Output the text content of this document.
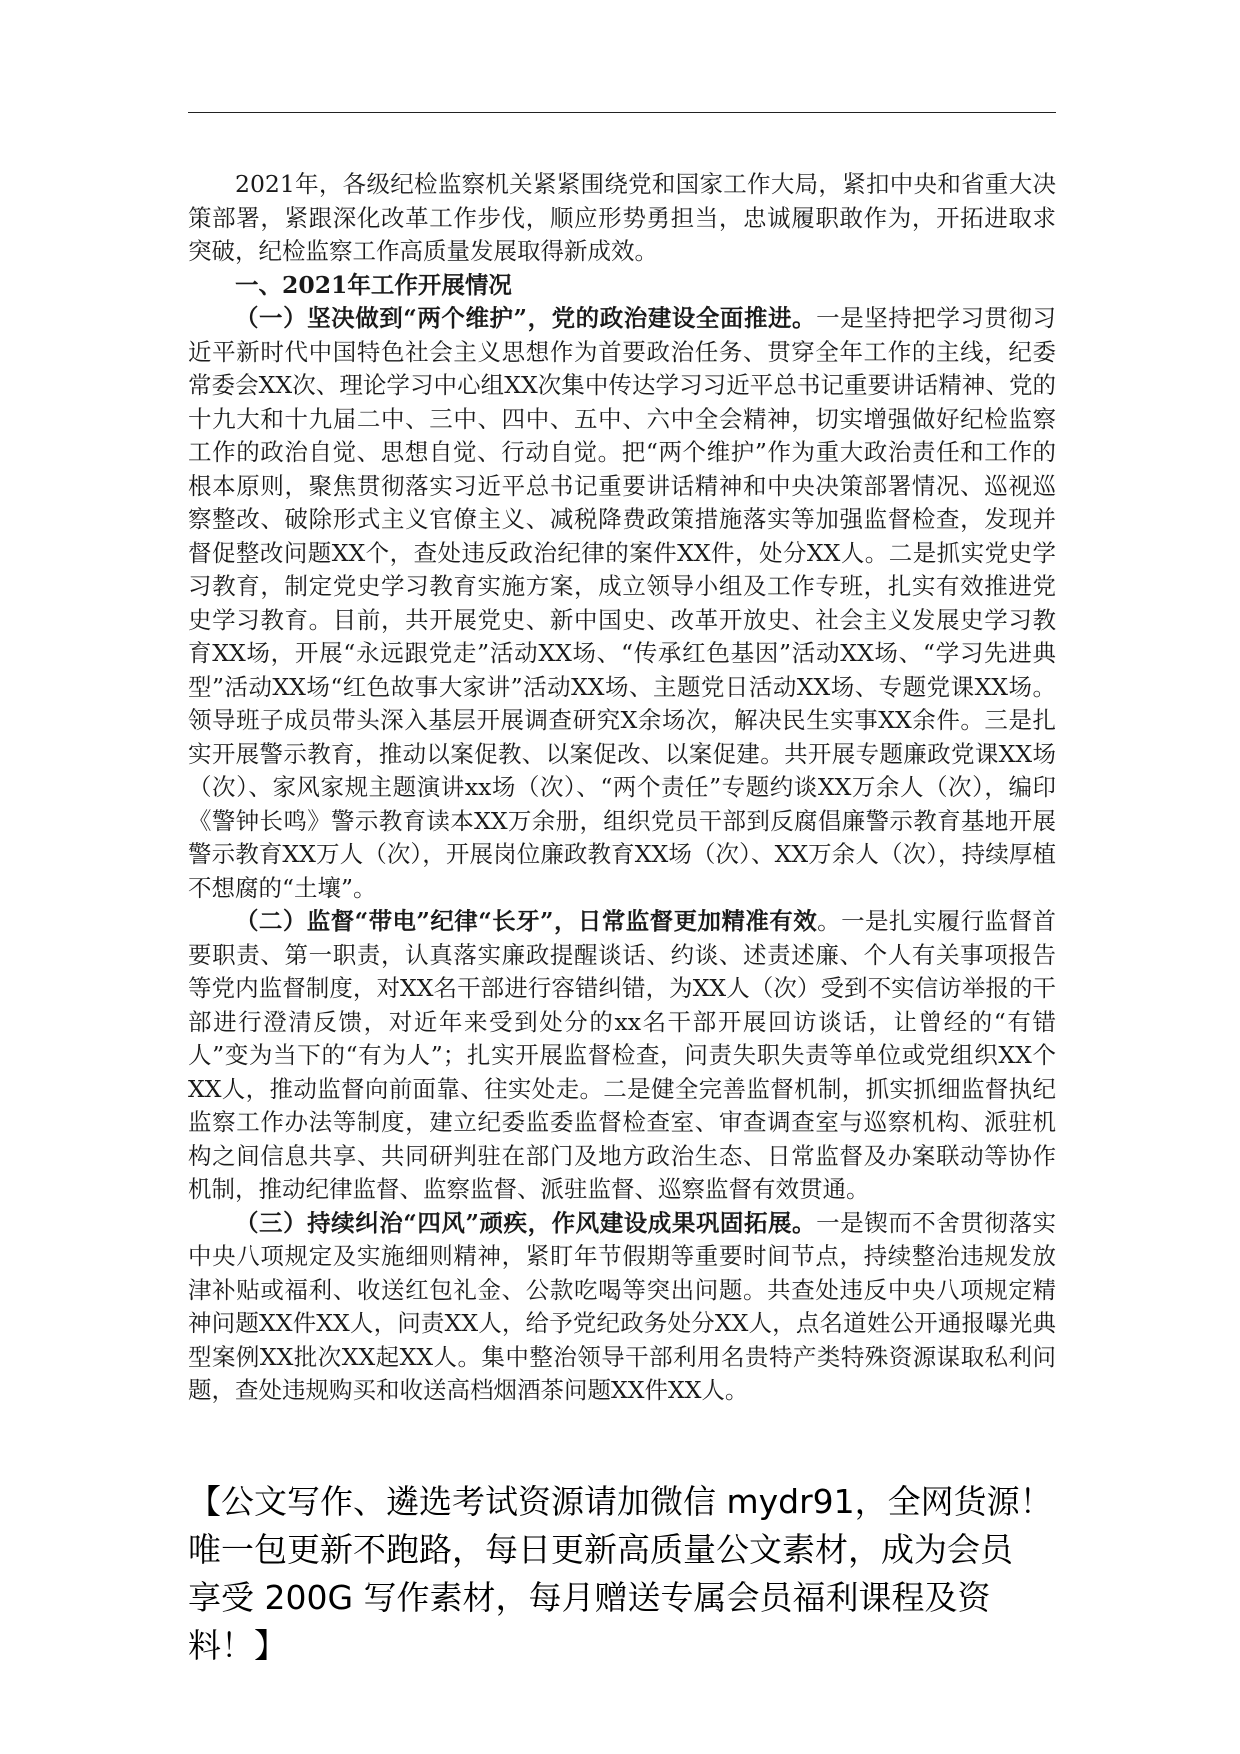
2021年，各级纪检监察机关紧紧围绕党和国家工作大局，紧扣中央和省重大决策部署，紧跟深化改革工作步伐，顺应形势勇担当，忠诚履职敢作为，开拓进取求突破，纪检监察工作高质量发展取得新成效。

一、2021年工作开展情况

（一）坚决做到“两个维护”，党的政治建设全面推进。一是坚持把学习贯彻习近平新时代中国特色社会主义思想作为首要政治任务、贯穿全年工作的主线，纪委常委会XX次、理论学习中心组XX次集中传达学习习近平总书记重要讲话精神、党的十九大和十九届二中、三中、四中、五中、六中全会精神，切实增强做好纪检监察工作的政治自觉、思想自觉、行动自觉。把“两个维护”作为重大政治责任和工作的根本原则，聚焦贯彻落实习近平总书记重要讲话精神和中央决策部署情况、巡视巡察整改、破除形式主义官僚主义、减税降费政策措施落实等加强监督检查，发现并督促整改问题XX个，查处违反政治纪律的案件XX件，处分XX人。二是抓实党史学习教育，制定党史学习教育实施方案，成立领导小组及工作专班，扎实有效推进党史学习教育。目前，共开展党史、新中国史、改革开放史、社会主义发展史学习教育XX场，开展“永远跟党走”活动XX场、“传承红色基因”活动XX场、“学习先进典型”活动XX场“红色故事大家讲”活动XX场、主题党日活动XX场、专题党课XX场。领导班子成员带头深入基层开展调查研究X余场次，解决民生实事XX余件。三是扎实开展警示教育，推动以案促教、以案促改、以案促建。共开展专题廉政党课XX场（次）、家风家规主题演讲xx场（次）、“两个责任”专题约谈XX万余人（次），编印《警钟长鸣》警示教育读本XX万余册，组织党员干部到反腐倡廉警示教育基地开展警示教育XX万人（次），开展岗位廉政教育XX场（次）、XX万余人（次），持续厚植不想腐的“土壤”。

（二）监督“带电”纪律“长牙”，日常监督更加精准有效。一是扎实履行监督首要职责、第一职责，认真落实廉政提醒谈话、约谈、述责述廉、个人有关事项报告等党内监督制度，对XX名干部进行容错纠错，为XX人（次）受到不实信访举报的干部进行澄清反馈，对近年来受到处分的xx名干部开展回访谈话，让曾经的“有错人”变为当下的“有为人”；扎实开展监督检查，问责失职失责等单位或党组织XX个XX人，推动监督向前面靠、往实处走。二是健全完善监督机制，抓实抓细监督执纪监察工作办法等制度，建立纪委监委监督检查室、审查调查室与巡察机构、派驻机构之间信息共享、共同研判驻在部门及地方政治生态、日常监督及办案联动等协作机制，推动纪律监督、监察监督、派驻监督、巡察监督有效贯通。

（三）持续纠治“四风”顽疾，作风建设成果巩固拓展。一是锲而不舍贯彻落实中央八项规定及实施细则精神，紧盯年节假期等重要时间节点，持续整治违规发放津补贴或福利、收送红包礼金、公款吃喝等突出问题。共查处违反中央八项规定精神问题XX件XX人，问责XX人，给予党纪政务处分XX人，点名道姓公开通报曝光典型案例XX批次XX起XX人。集中整治领导干部利用名贵特产类特殊资源谋取私利问题，查处违规购买和收送高档烟酒茶问题XX件XX人。

【公文写作、遴选考试资源请加微信 mydr91，全网货源！

唯一包更新不跑路，每日更新高质量公文素材，成为会员

享受 200G 写作素材，每月赠送专属会员福利课程及资

料！】
